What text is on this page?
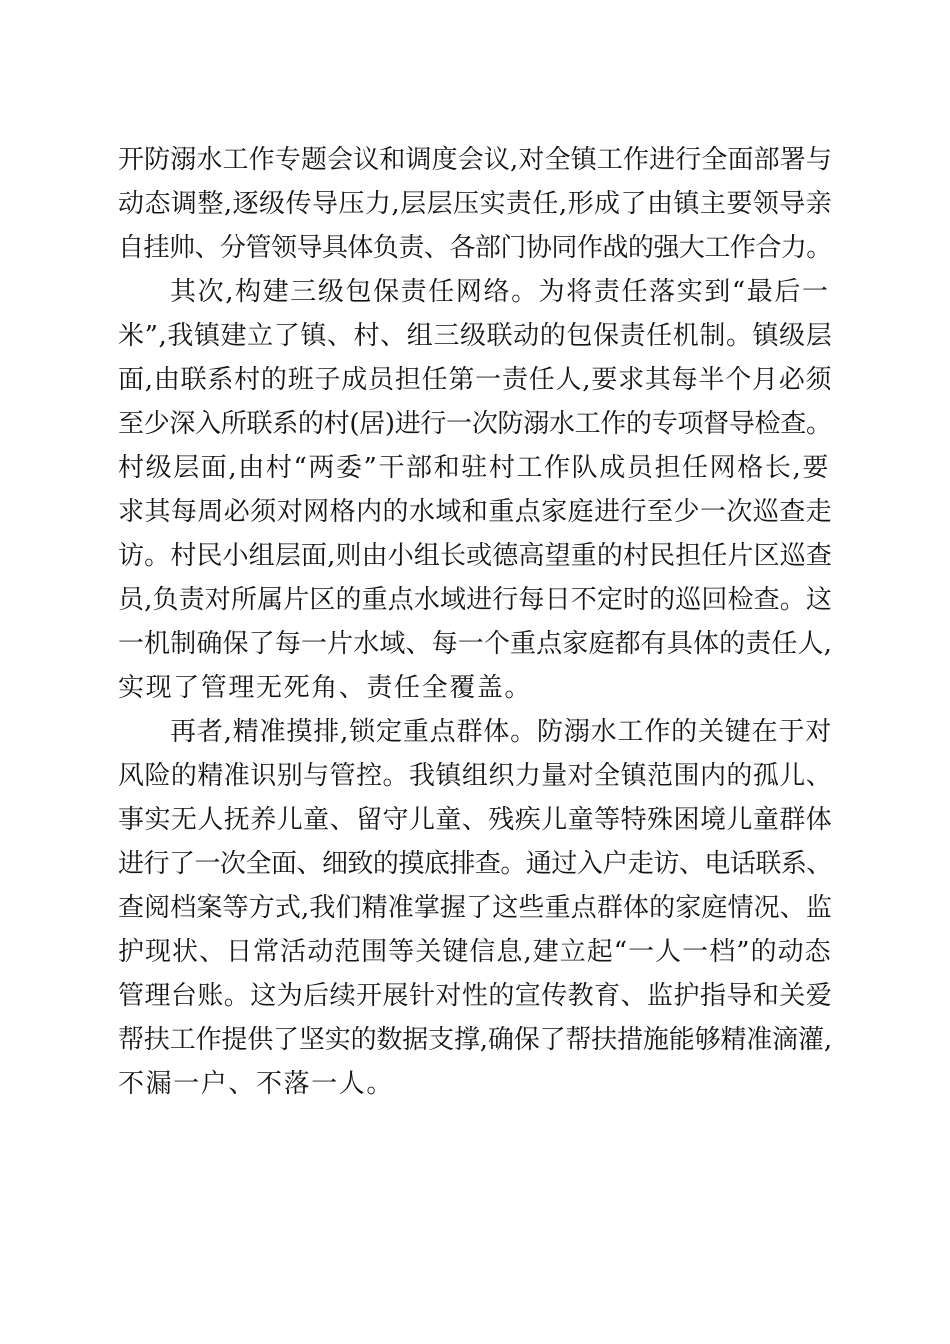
开防溺水工作专题会议和调度会议,对全镇工作进行全面部署与
动态调整,逐级传导压力,层层压实责任,形成了由镇主要领导亲
自挂帅、分管领导具体负责、各部门协同作战的强大工作合力。
其次,构建三级包保责任网络。为将责任落实到“最后一
米”,我镇建立了镇、村、组三级联动的包保责任机制。镇级层
面,由联系村的班子成员担任第一责任人,要求其每半个月必须
至少深入所联系的村(居)进行一次防溺水工作的专项督导检查。
村级层面,由村“两委”干部和驻村工作队成员担任网格长,要
求其每周必须对网格内的水域和重点家庭进行至少一次巡查走
访。村民小组层面,则由小组长或德高望重的村民担任片区巡查
员,负责对所属片区的重点水域进行每日不定时的巡回检查。这
一机制确保了每一片水域、每一个重点家庭都有具体的责任人,
实现了管理无死角、责任全覆盖。
再者,精准摸排,锁定重点群体。防溺水工作的关键在于对
风险的精准识别与管控。我镇组织力量对全镇范围内的孤儿、
事实无人抚养儿童、留守儿童、残疾儿童等特殊困境儿童群体
进行了一次全面、细致的摸底排查。通过入户走访、电话联系、
查阅档案等方式,我们精准掌握了这些重点群体的家庭情况、监
护现状、日常活动范围等关键信息,建立起“一人一档”的动态
管理台账。这为后续开展针对性的宣传教育、监护指导和关爱
帮扶工作提供了坚实的数据支撑,确保了帮扶措施能够精准滴灌,
不漏一户、不落一人。
